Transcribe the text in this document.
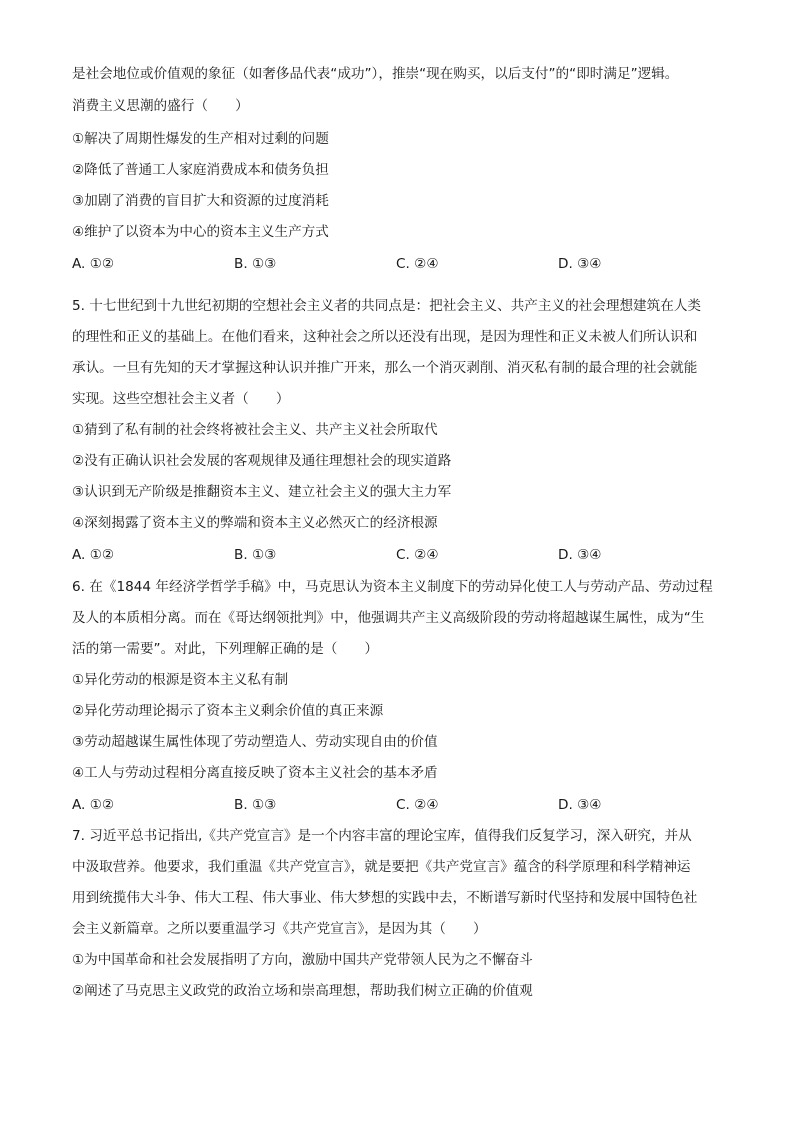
是社会地位或价值观的象征（如奢侈品代表“成功”），推崇“现在购买，以后支付”的“即时满足”逻辑。
消费主义思潮的盛行（　　）
①解决了周期性爆发的生产相对过剩的问题
②降低了普通工人家庭消费成本和债务负担
③加剧了消费的盲目扩大和资源的过度消耗
④维护了以资本为中心的资本主义生产方式
A. ①②	B. ①③	C. ②④	D. ③④
5. 十七世纪到十九世纪初期的空想社会主义者的共同点是：把社会主义、共产主义的社会理想建筑在人类
的理性和正义的基础上。在他们看来，这种社会之所以还没有出现，是因为理性和正义未被人们所认识和
承认。一旦有先知的天才掌握这种认识并推广开来，那么一个消灭剥削、消灭私有制的最合理的社会就能
实现。这些空想社会主义者（　　）
①猜到了私有制的社会终将被社会主义、共产主义社会所取代
②没有正确认识社会发展的客观规律及通往理想社会的现实道路
③认识到无产阶级是推翻资本主义、建立社会主义的强大主力军
④深刻揭露了资本主义的弊端和资本主义必然灭亡的经济根源
A. ①②	B. ①③	C. ②④	D. ③④
6. 在《1844 年经济学哲学手稿》中，马克思认为资本主义制度下的劳动异化使工人与劳动产品、劳动过程
及人的本质相分离。而在《哥达纲领批判》中，他强调共产主义高级阶段的劳动将超越谋生属性，成为“生
活的第一需要”。对此，下列理解正确的是（　　）
①异化劳动的根源是资本主义私有制
②异化劳动理论揭示了资本主义剩余价值的真正来源
③劳动超越谋生属性体现了劳动塑造人、劳动实现自由的价值
④工人与劳动过程相分离直接反映了资本主义社会的基本矛盾
A. ①②	B. ①③	C. ②④	D. ③④
7. 习近平总书记指出,《共产党宣言》是一个内容丰富的理论宝库，值得我们反复学习，深入研究，并从
中汲取营养。他要求，我们重温《共产党宣言》，就是要把《共产党宣言》蕴含的科学原理和科学精神运
用到统揽伟大斗争、伟大工程、伟大事业、伟大梦想的实践中去，不断谱写新时代坚持和发展中国特色社
会主义新篇章。之所以要重温学习《共产党宣言》，是因为其（　　）
①为中国革命和社会发展指明了方向，激励中国共产党带领人民为之不懈奋斗
②阐述了马克思主义政党的政治立场和崇高理想，帮助我们树立正确的价值观
